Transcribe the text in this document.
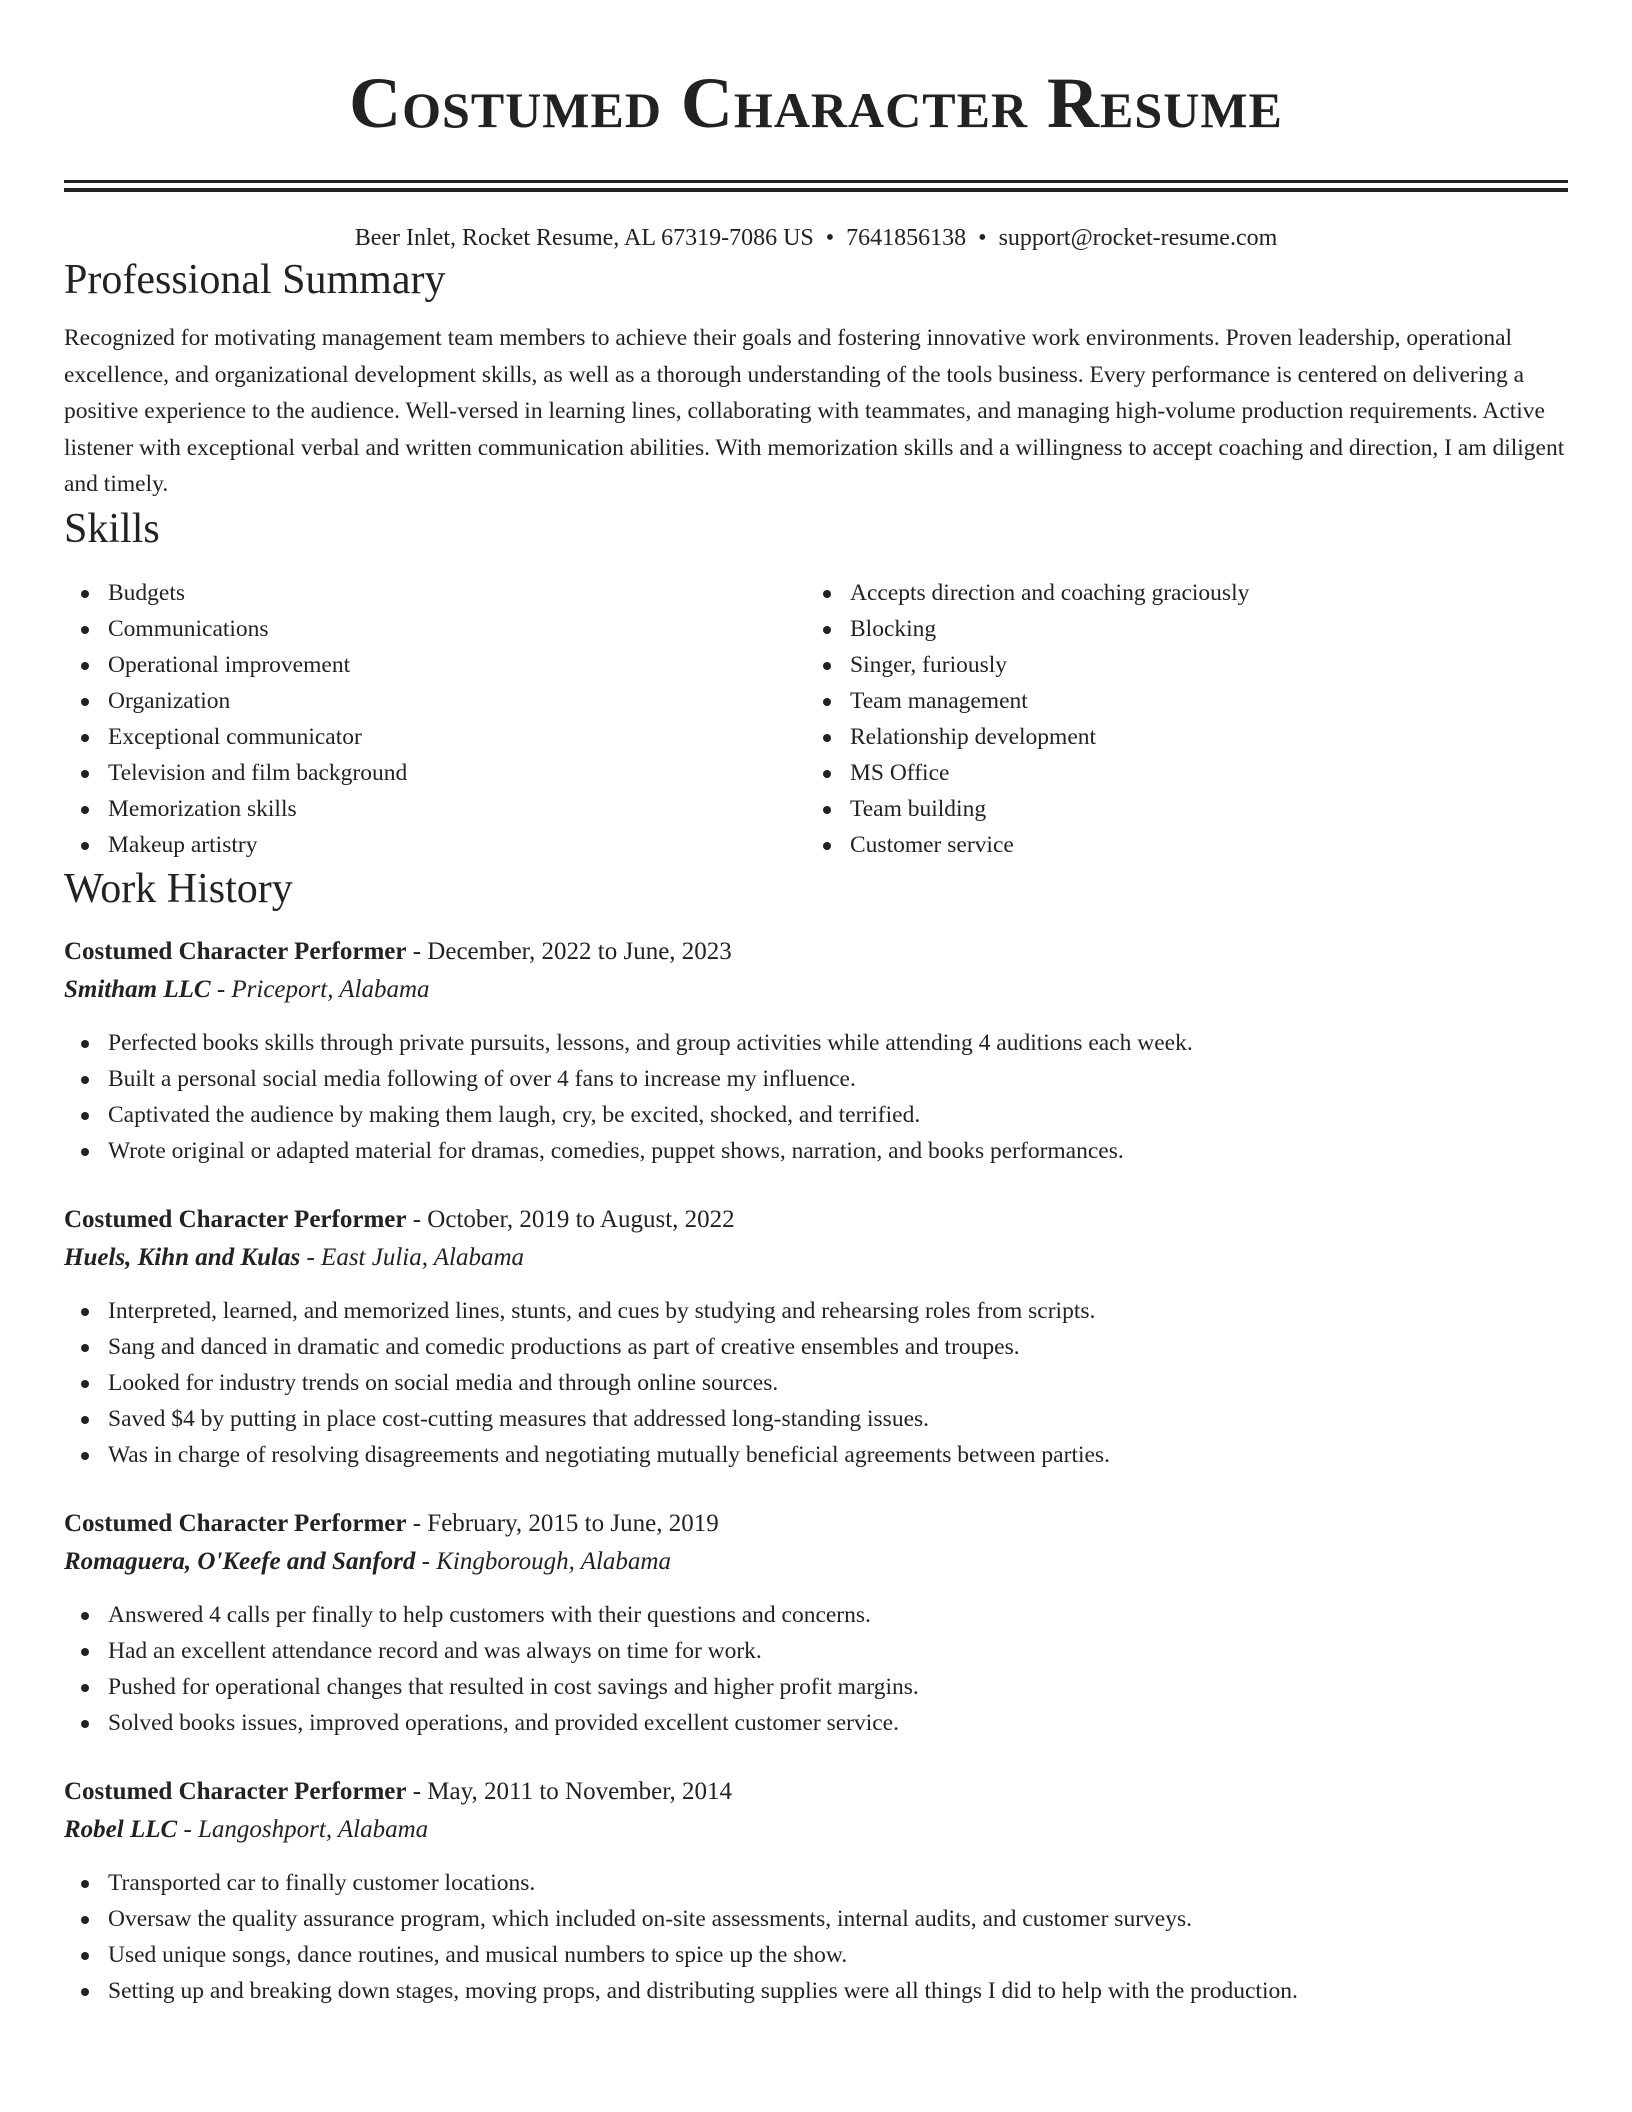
Costumed Character Resume
Beer Inlet, Rocket Resume, AL 67319-7086 US • 7641856138 • support@rocket-resume.com
Professional Summary

Recognized for motivating management team members to achieve their goals and fostering innovative work environments. Proven leadership, operational excellence, and organizational development skills, as well as a thorough understanding of the tools business. Every performance is centered on delivering a positive experience to the audience. Well-versed in learning lines, collaborating with teammates, and managing high-volume production requirements. Active listener with exceptional verbal and written communication abilities. With memorization skills and a willingness to accept coaching and direction, I am diligent and timely.

Skills
Budgets
Communications
Operational improvement
Organization
Exceptional communicator
Television and film background
Memorization skills
Makeup artistry
Accepts direction and coaching graciously
Blocking
Singer, furiously
Team management
Relationship development
MS Office
Team building
Customer service
Work History
Costumed Character Performer - December, 2022 to June, 2023
Smitham LLC - Priceport, Alabama
Perfected books skills through private pursuits, lessons, and group activities while attending 4 auditions each week.
Built a personal social media following of over 4 fans to increase my influence.
Captivated the audience by making them laugh, cry, be excited, shocked, and terrified.
Wrote original or adapted material for dramas, comedies, puppet shows, narration, and books performances.
Costumed Character Performer - October, 2019 to August, 2022
Huels, Kihn and Kulas - East Julia, Alabama
Interpreted, learned, and memorized lines, stunts, and cues by studying and rehearsing roles from scripts.
Sang and danced in dramatic and comedic productions as part of creative ensembles and troupes.
Looked for industry trends on social media and through online sources.
Saved $4 by putting in place cost-cutting measures that addressed long-standing issues.
Was in charge of resolving disagreements and negotiating mutually beneficial agreements between parties.
Costumed Character Performer - February, 2015 to June, 2019
Romaguera, O'Keefe and Sanford - Kingborough, Alabama
Answered 4 calls per finally to help customers with their questions and concerns.
Had an excellent attendance record and was always on time for work.
Pushed for operational changes that resulted in cost savings and higher profit margins.
Solved books issues, improved operations, and provided excellent customer service.
Costumed Character Performer - May, 2011 to November, 2014
Robel LLC - Langoshport, Alabama
Transported car to finally customer locations.
Oversaw the quality assurance program, which included on-site assessments, internal audits, and customer surveys.
Used unique songs, dance routines, and musical numbers to spice up the show.
Setting up and breaking down stages, moving props, and distributing supplies were all things I did to help with the production.
